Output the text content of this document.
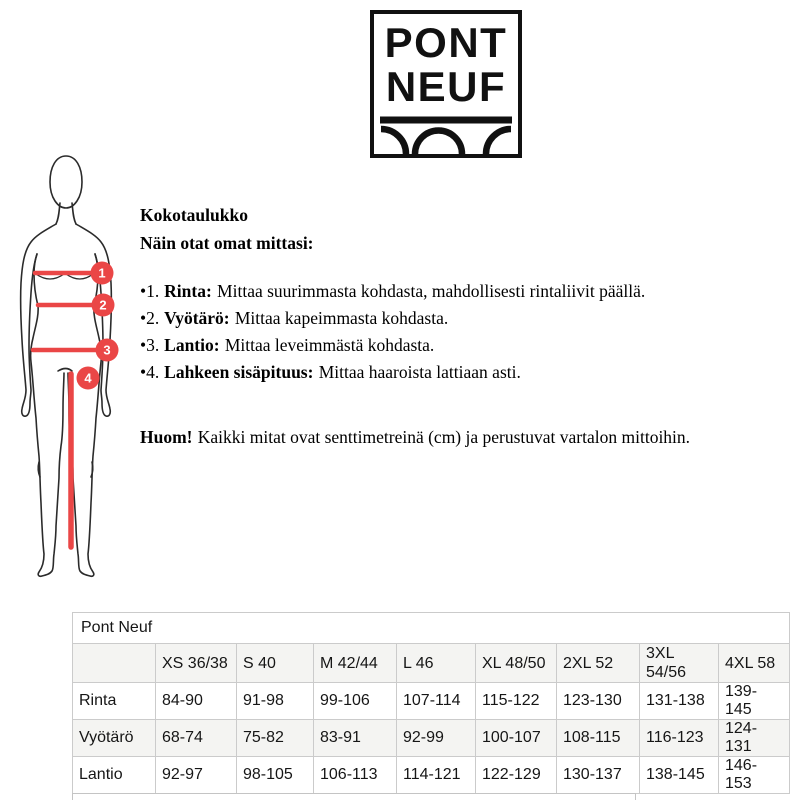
PONT
NEUF
1
2
3
4
Kokotaulukko
Näin otat omat mittasi:
•1. Rinta: Mittaa suurimmasta kohdasta, mahdollisesti rintaliivit päällä.
•2. Vyötärö: Mittaa kapeimmasta kohdasta.
•3. Lantio: Mittaa leveimmästä kohdasta.
•4. Lahkeen sisäpituus: Mittaa haaroista lattiaan asti.
Huom! Kaikki mitat ovat senttimetreinä (cm) ja perustuvat vartalon mittoihin.
Pont Neuf								
	XS 36/38	S 40	M 42/44	L 46	XL 48/50	2XL 52	3XL 54/56	4XL 58
Rinta	84-90	91-98	99-106	107-114	115-122	123-130	131-138	139-145
Vyötärö	68-74	75-82	83-91	92-99	100-107	108-115	116-123	124-131
Lantio	92-97	98-105	106-113	114-121	122-129	130-137	138-145	146-153
